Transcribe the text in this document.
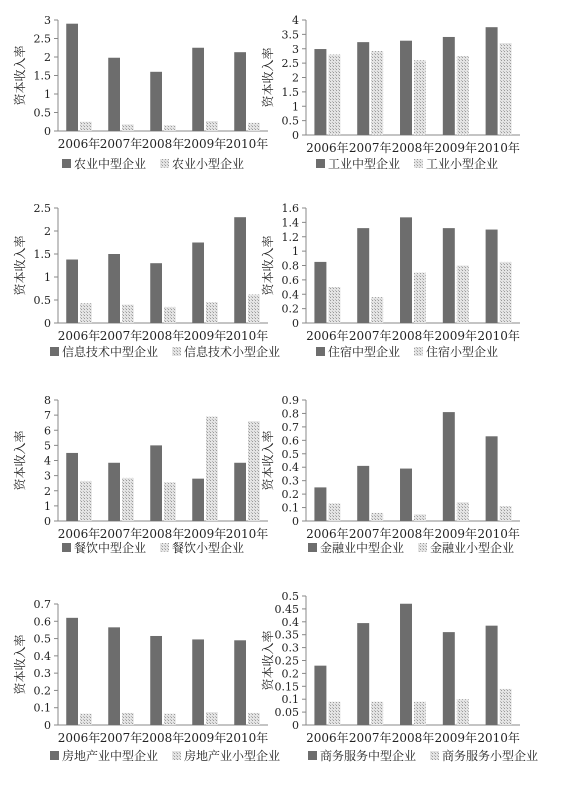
0
0.5
1
1.5
2
2.5
3
资本收入率
2006年 2007年 2008年 2009年 2010年
农业中型企业 农业小型企业
0
0.5
1
1.5
2
2.5
3
3.5
4
资本收入率
2006年 2007年 2008年 2009年 2010年
工业中型企业 工业小型企业
0
0.5
1
1.5
2
2.5
资本收入率
2006年 2007年 2008年 2009年 2010年
信息技术中型企业 信息技术小型企业
0
0.2
0.4
0.6
0.8
1
1.2
1.4
1.6
资本收入率
2006年 2007年 2008年 2009年 2010年
住宿中型企业 住宿小型企业
0
1
2
3
4
5
6
7
8
资本收入率
2006年 2007年 2008年 2009年 2010年
餐饮中型企业 餐饮小型企业
0
0.1
0.2
0.3
0.4
0.5
0.6
0.7
0.8
0.9
资本收入率
2006年 2007年 2008年 2009年 2010年
金融业中型企业 金融业小型企业
0
0.1
0.2
0.3
0.4
0.5
0.6
0.7
资本收入率
2006年 2007年 2008年 2009年 2010年
房地产业中型企业 房地产业小型企业
0
0.05
0.1
0.15
0.2
0.25
0.3
0.35
0.4
0.45
0.5
资本收入率
2006年 2007年 2008年 2009年 2010年
商务服务中型企业 商务服务小型企业
